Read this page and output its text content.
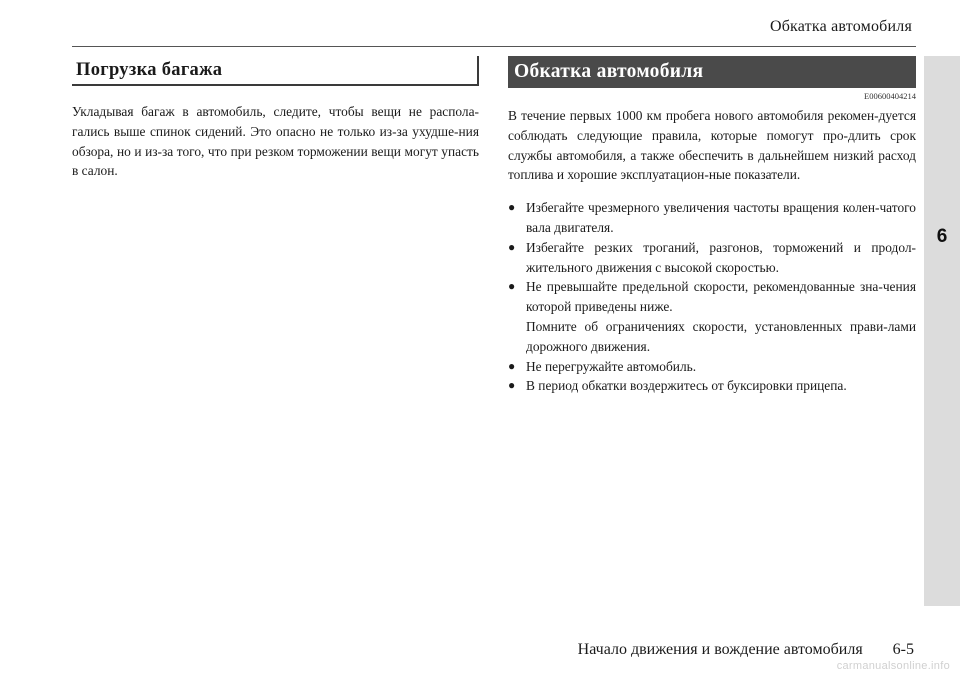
Обкатка автомобиля
6
Погрузка багажа
Укладывая багаж в автомобиль, следите, чтобы вещи не распола-гались выше спинок сидений. Это опасно не только из-за ухудше-ния обзора, но и из-за того, что при резком торможении вещи могут упасть в салон.
Обкатка автомобиля
E00600404214
В течение первых 1000 км пробега нового автомобиля рекомен-дуется соблюдать следующие правила, которые помогут про-длить срок службы автомобиля, а также обеспечить в дальнейшем низкий расход топлива и хорошие эксплуатацион-ные показатели.
● Избегайте чрезмерного увеличения частоты вращения колен-чатого вала двигателя.
● Избегайте резких троганий, разгонов, торможений и продол-жительного движения с высокой скоростью.
● Не превышайте предельной скорости, рекомендованные зна-чения которой приведены ниже.
Помните об ограничениях скорости, установленных прави-лами дорожного движения.
● Не перегружайте автомобиль.
● В период обкатки воздержитесь от буксировки прицепа.
Начало движения и вождение автомобиля 6-5
carmanualsonline.info
